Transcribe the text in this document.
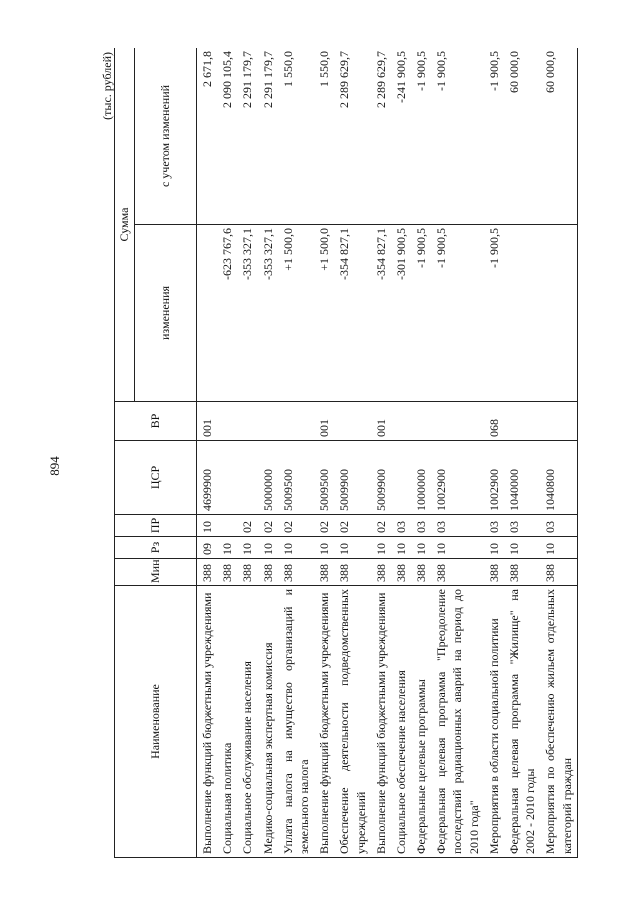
894
(тыс. рублей)
Наименование	Мин	Рз	ПР	ЦСР	ВР	Сумма	
						изменения	с учетом изменений
Выполнение функций бюджетными учреждениями	388	09	10	4699900	001		2 671,8
Социальная политика	388	10				-623 767,6	2 090 105,4
Социальное обслуживание населения	388	10	02			-353 327,1	2 291 179,7
Медико-социальная экспертная комиссия	388	10	02	5000000		-353 327,1	2 291 179,7
Уплата налога на имущество организаций и земельного налога	388	10	02	5009500		+1 500,0	1 550,0
Выполнение функций бюджетными учреждениями	388	10	02	5009500	001	+1 500,0	1 550,0
Обеспечение деятельности подведомственных учреждений	388	10	02	5009900		-354 827,1	2 289 629,7
Выполнение функций бюджетными учреждениями	388	10	02	5009900	001	-354 827,1	2 289 629,7
Социальное обеспечение населения	388	10	03			-301 900,5	-241 900,5
Федеральные целевые программы	388	10	03	1000000		-1 900,5	-1 900,5
Федеральная целевая программа "Преодоление последствий радиационных аварий на период до 2010 года"	388	10	03	1002900		-1 900,5	-1 900,5
Мероприятия в области социальной политики	388	10	03	1002900	068	-1 900,5	-1 900,5
Федеральная целевая программа "Жилище" на 2002 - 2010 годы	388	10	03	1040000			60 000,0
Мероприятия по обеспечению жильем отдельных категорий граждан	388	10	03	1040800			60 000,0
